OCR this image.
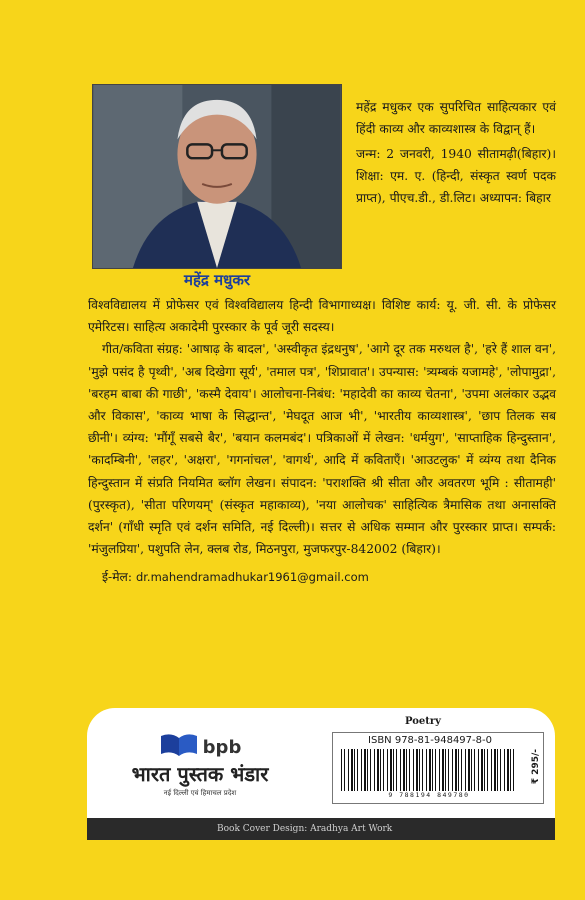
महेंद्र मधुकर

महेंद्र मधुकर एक सुपरिचित साहित्यकार एवं हिंदी काव्य और काव्यशास्त्र के विद्वान् हैं।

जन्म: 2 जनवरी, 1940 सीतामढ़ी(बिहार)। शिक्षा: एम. ए. (हिन्दी, संस्कृत स्वर्ण पदक प्राप्त), पीएच.डी., डी.लिट। अध्यापन: बिहार

विश्वविद्यालय में प्रोफेसर एवं विश्वविद्यालय हिन्दी विभागाध्यक्ष। विशिष्ट कार्य: यू. जी. सी. के प्रोफेसर एमेरिटस। साहित्य अकादेमी पुरस्कार के पूर्व जूरी सदस्य।

गीत/कविता संग्रह: 'आषाढ़ के बादल', 'अस्वीकृत इंद्रधनुष', 'आगे दूर तक मरुथल है', 'हरे हैं शाल वन', 'मुझे पसंद है पृथ्वी', 'अब दिखेगा सूर्य', 'तमाल पत्र', 'शिप्रावात'। उपन्यास: 'त्र्यम्बकं यजामहे', 'लोपामुद्रा', 'बरहम बाबा की गाछी', 'कस्मै देवाय'। आलोचना-निबंध: 'महादेवी का काव्य चेतना', 'उपमा अलंकार उद्भव और विकास', 'काव्य भाषा के सिद्धान्त', 'मेघदूत आज भी', 'भारतीय काव्यशास्त्र', 'छाप तिलक सब छीनी'। व्यंग्य: 'मौंगूँ सबसे बैर', 'बयान कलमबंद'। पत्रिकाओं में लेखन: 'धर्मयुग', 'साप्ताहिक हिन्दुस्तान', 'कादम्बिनी', 'लहर', 'अक्षरा', 'गगनांचल', 'वागर्थ', आदि में कविताएँ। 'आउटलुक' में व्यंग्य तथा दैनिक हिन्दुस्तान में संप्रति नियमित ब्लॉग लेखन। संपादन: 'पराशक्ति श्री सीता और अवतरण भूमि : सीतामही' (पुरस्कृत), 'सीता परिणयम्' (संस्कृत महाकाव्य), 'नया आलोचक' साहित्यिक त्रैमासिक तथा अनासक्ति दर्शन' (गाँधी स्मृति एवं दर्शन समिति, नई दिल्ली)। सत्तर से अधिक सम्मान और पुरस्कार प्राप्त। सम्पर्क: 'मंजुलप्रिया', पशुपति लेन, क्लब रोड, मिठनपुरा, मुजफरपुर-842002 (बिहार)।

ई-मेल: dr.mahendramadhukar1961@gmail.com

bpb
भारत पुस्तक भंडार
नई दिल्ली एवं हिमाचल प्रदेश
Poetry
ISBN 978-81-948497-8-0
9 788194 849780
₹ 295/-
Book Cover Design: Aradhya Art Work
